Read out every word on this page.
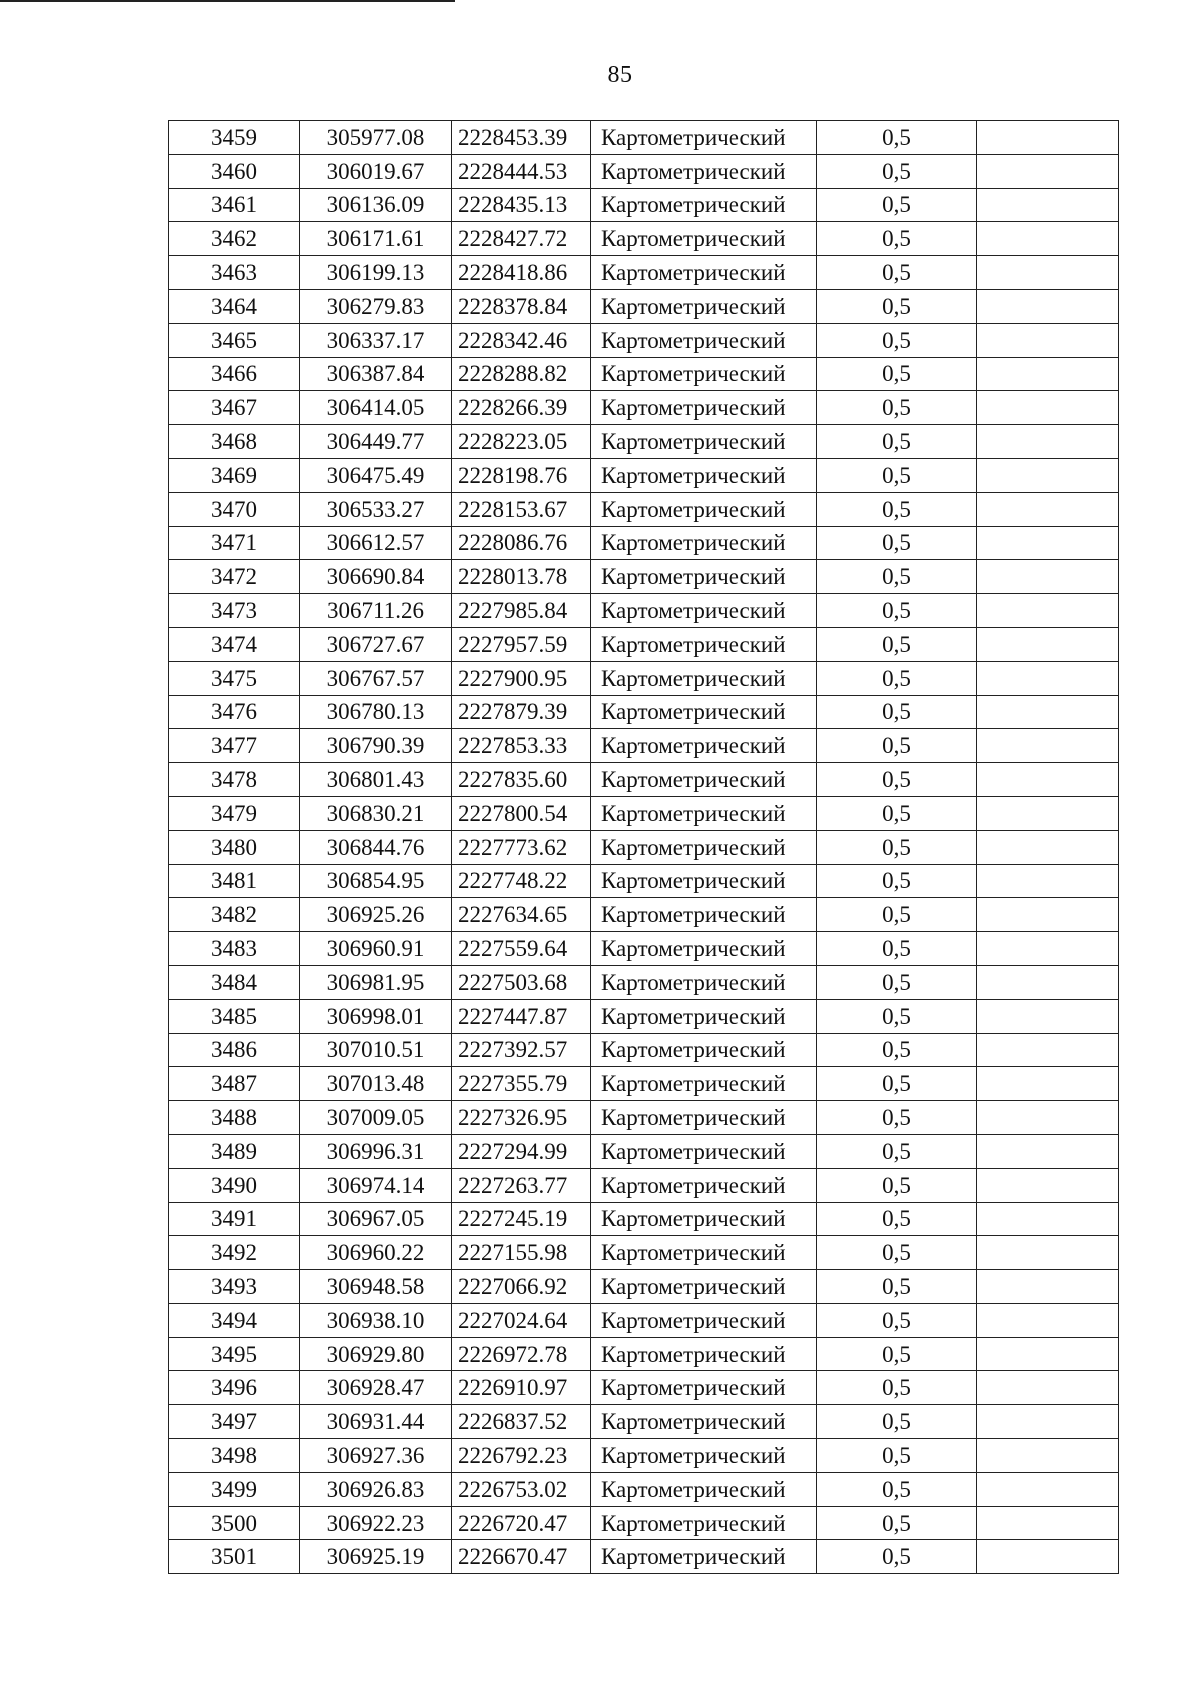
85
3459	305977.08	2228453.39	Картометрический	0,5	
3460	306019.67	2228444.53	Картометрический	0,5	
3461	306136.09	2228435.13	Картометрический	0,5	
3462	306171.61	2228427.72	Картометрический	0,5	
3463	306199.13	2228418.86	Картометрический	0,5	
3464	306279.83	2228378.84	Картометрический	0,5	
3465	306337.17	2228342.46	Картометрический	0,5	
3466	306387.84	2228288.82	Картометрический	0,5	
3467	306414.05	2228266.39	Картометрический	0,5	
3468	306449.77	2228223.05	Картометрический	0,5	
3469	306475.49	2228198.76	Картометрический	0,5	
3470	306533.27	2228153.67	Картометрический	0,5	
3471	306612.57	2228086.76	Картометрический	0,5	
3472	306690.84	2228013.78	Картометрический	0,5	
3473	306711.26	2227985.84	Картометрический	0,5	
3474	306727.67	2227957.59	Картометрический	0,5	
3475	306767.57	2227900.95	Картометрический	0,5	
3476	306780.13	2227879.39	Картометрический	0,5	
3477	306790.39	2227853.33	Картометрический	0,5	
3478	306801.43	2227835.60	Картометрический	0,5	
3479	306830.21	2227800.54	Картометрический	0,5	
3480	306844.76	2227773.62	Картометрический	0,5	
3481	306854.95	2227748.22	Картометрический	0,5	
3482	306925.26	2227634.65	Картометрический	0,5	
3483	306960.91	2227559.64	Картометрический	0,5	
3484	306981.95	2227503.68	Картометрический	0,5	
3485	306998.01	2227447.87	Картометрический	0,5	
3486	307010.51	2227392.57	Картометрический	0,5	
3487	307013.48	2227355.79	Картометрический	0,5	
3488	307009.05	2227326.95	Картометрический	0,5	
3489	306996.31	2227294.99	Картометрический	0,5	
3490	306974.14	2227263.77	Картометрический	0,5	
3491	306967.05	2227245.19	Картометрический	0,5	
3492	306960.22	2227155.98	Картометрический	0,5	
3493	306948.58	2227066.92	Картометрический	0,5	
3494	306938.10	2227024.64	Картометрический	0,5	
3495	306929.80	2226972.78	Картометрический	0,5	
3496	306928.47	2226910.97	Картометрический	0,5	
3497	306931.44	2226837.52	Картометрический	0,5	
3498	306927.36	2226792.23	Картометрический	0,5	
3499	306926.83	2226753.02	Картометрический	0,5	
3500	306922.23	2226720.47	Картометрический	0,5	
3501	306925.19	2226670.47	Картометрический	0,5	
